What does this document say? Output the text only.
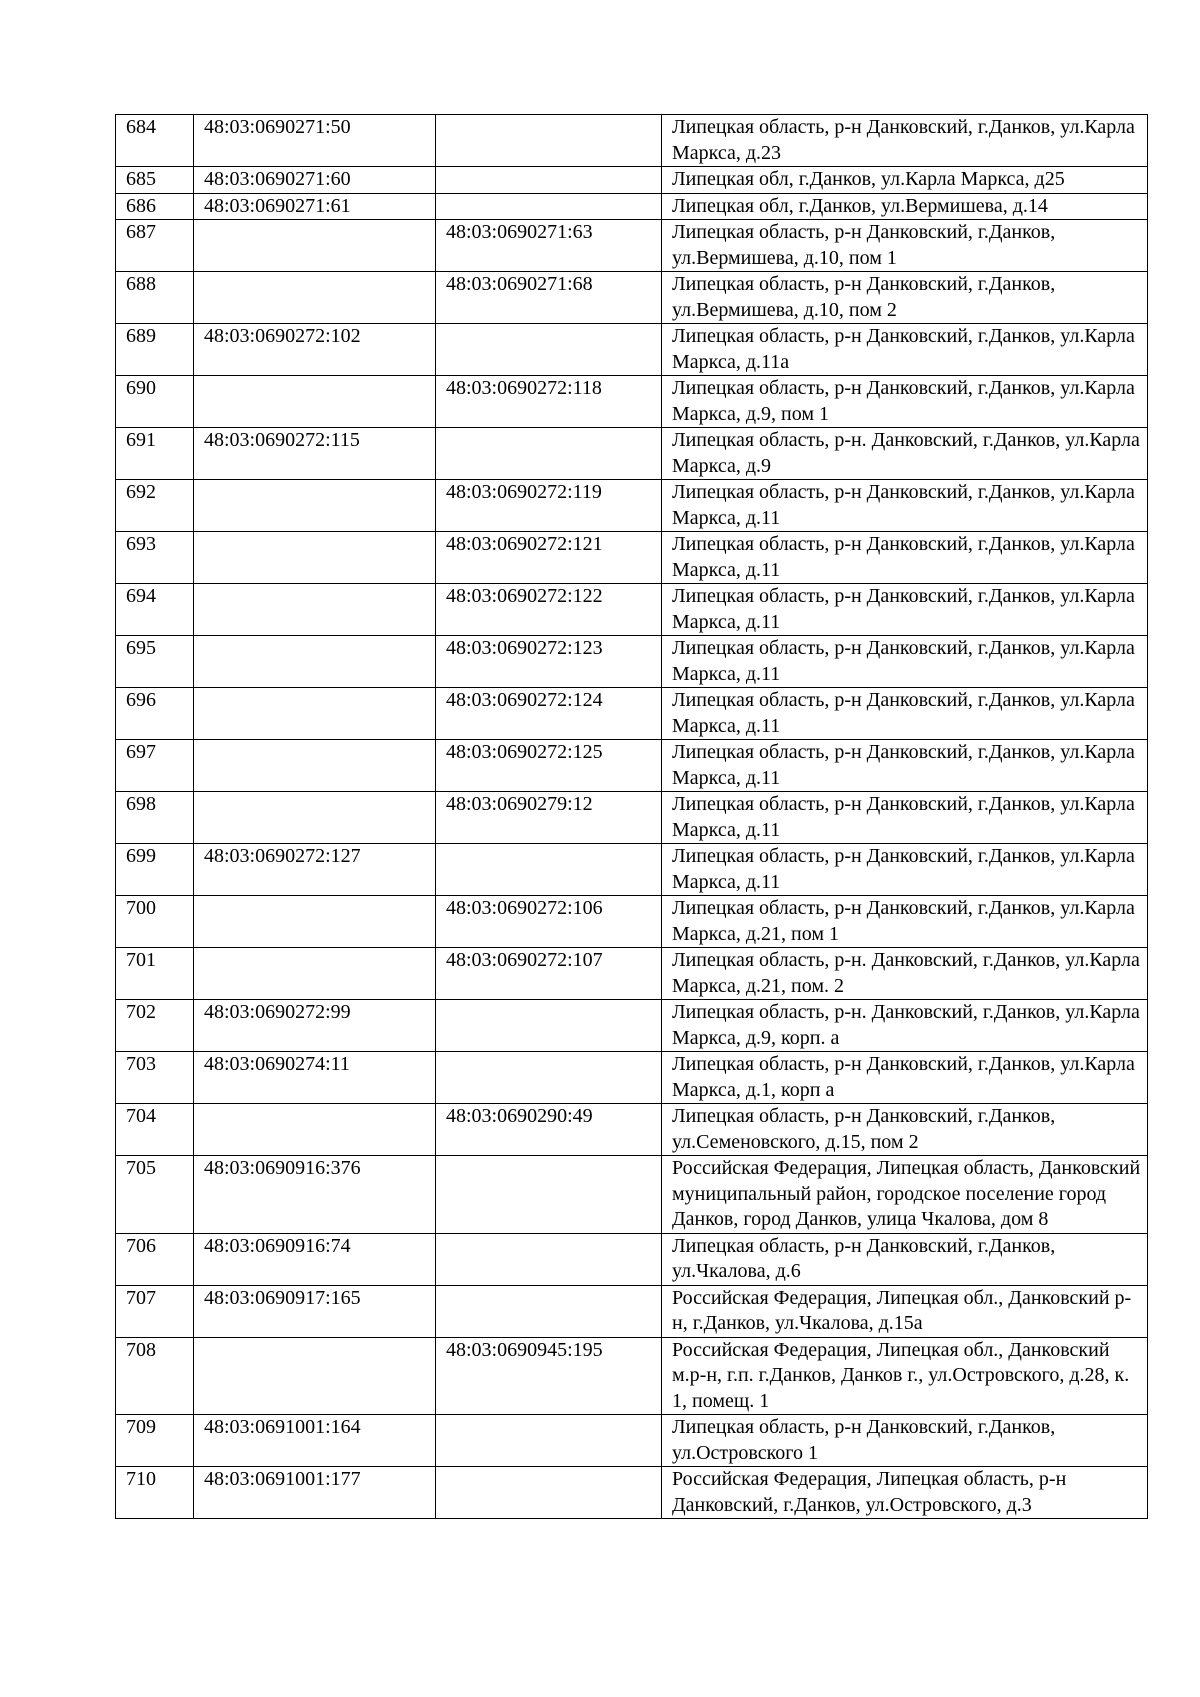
684	48:03:0690271:50		Липецкая область, р-н Данковский, г.Данков, ул.Карла Маркса, д.23
685	48:03:0690271:60		Липецкая обл, г.Данков, ул.Карла Маркса, д25
686	48:03:0690271:61		Липецкая обл, г.Данков, ул.Вермишева, д.14
687		48:03:0690271:63	Липецкая область, р-н Данковский, г.Данков, ул.Вермишева, д.10, пом 1
688		48:03:0690271:68	Липецкая область, р-н Данковский, г.Данков, ул.Вермишева, д.10, пом 2
689	48:03:0690272:102		Липецкая область, р-н Данковский, г.Данков, ул.Карла Маркса, д.11а
690		48:03:0690272:118	Липецкая область, р-н Данковский, г.Данков, ул.Карла Маркса, д.9, пом 1
691	48:03:0690272:115		Липецкая область, р-н. Данковский, г.Данков, ул.Карла Маркса, д.9
692		48:03:0690272:119	Липецкая область, р-н Данковский, г.Данков, ул.Карла Маркса, д.11
693		48:03:0690272:121	Липецкая область, р-н Данковский, г.Данков, ул.Карла Маркса, д.11
694		48:03:0690272:122	Липецкая область, р-н Данковский, г.Данков, ул.Карла Маркса, д.11
695		48:03:0690272:123	Липецкая область, р-н Данковский, г.Данков, ул.Карла Маркса, д.11
696		48:03:0690272:124	Липецкая область, р-н Данковский, г.Данков, ул.Карла Маркса, д.11
697		48:03:0690272:125	Липецкая область, р-н Данковский, г.Данков, ул.Карла Маркса, д.11
698		48:03:0690279:12	Липецкая область, р-н Данковский, г.Данков, ул.Карла Маркса, д.11
699	48:03:0690272:127		Липецкая область, р-н Данковский, г.Данков, ул.Карла Маркса, д.11
700		48:03:0690272:106	Липецкая область, р-н Данковский, г.Данков, ул.Карла Маркса, д.21, пом 1
701		48:03:0690272:107	Липецкая область, р-н. Данковский, г.Данков, ул.Карла Маркса, д.21, пом. 2
702	48:03:0690272:99		Липецкая область, р-н. Данковский, г.Данков, ул.Карла Маркса, д.9, корп. а
703	48:03:0690274:11		Липецкая область, р-н Данковский, г.Данков, ул.Карла Маркса, д.1, корп а
704		48:03:0690290:49	Липецкая область, р-н Данковский, г.Данков, ул.Семеновского, д.15, пом 2
705	48:03:0690916:376		Российская Федерация, Липецкая область, Данковский муниципальный район, городское поселение город Данков, город Данков, улица Чкалова, дом 8
706	48:03:0690916:74		Липецкая область, р-н Данковский, г.Данков, ул.Чкалова, д.6
707	48:03:0690917:165		Российская Федерация, Липецкая обл., Данковский р-н, г.Данков, ул.Чкалова, д.15а
708		48:03:0690945:195	Российская Федерация, Липецкая обл., Данковский м.р-н, г.п. г.Данков, Данков г., ул.Островского, д.28, к. 1, помещ. 1
709	48:03:0691001:164		Липецкая область, р-н Данковский, г.Данков, ул.Островского 1
710	48:03:0691001:177		Российская Федерация, Липецкая область, р-н Данковский, г.Данков, ул.Островского, д.3
